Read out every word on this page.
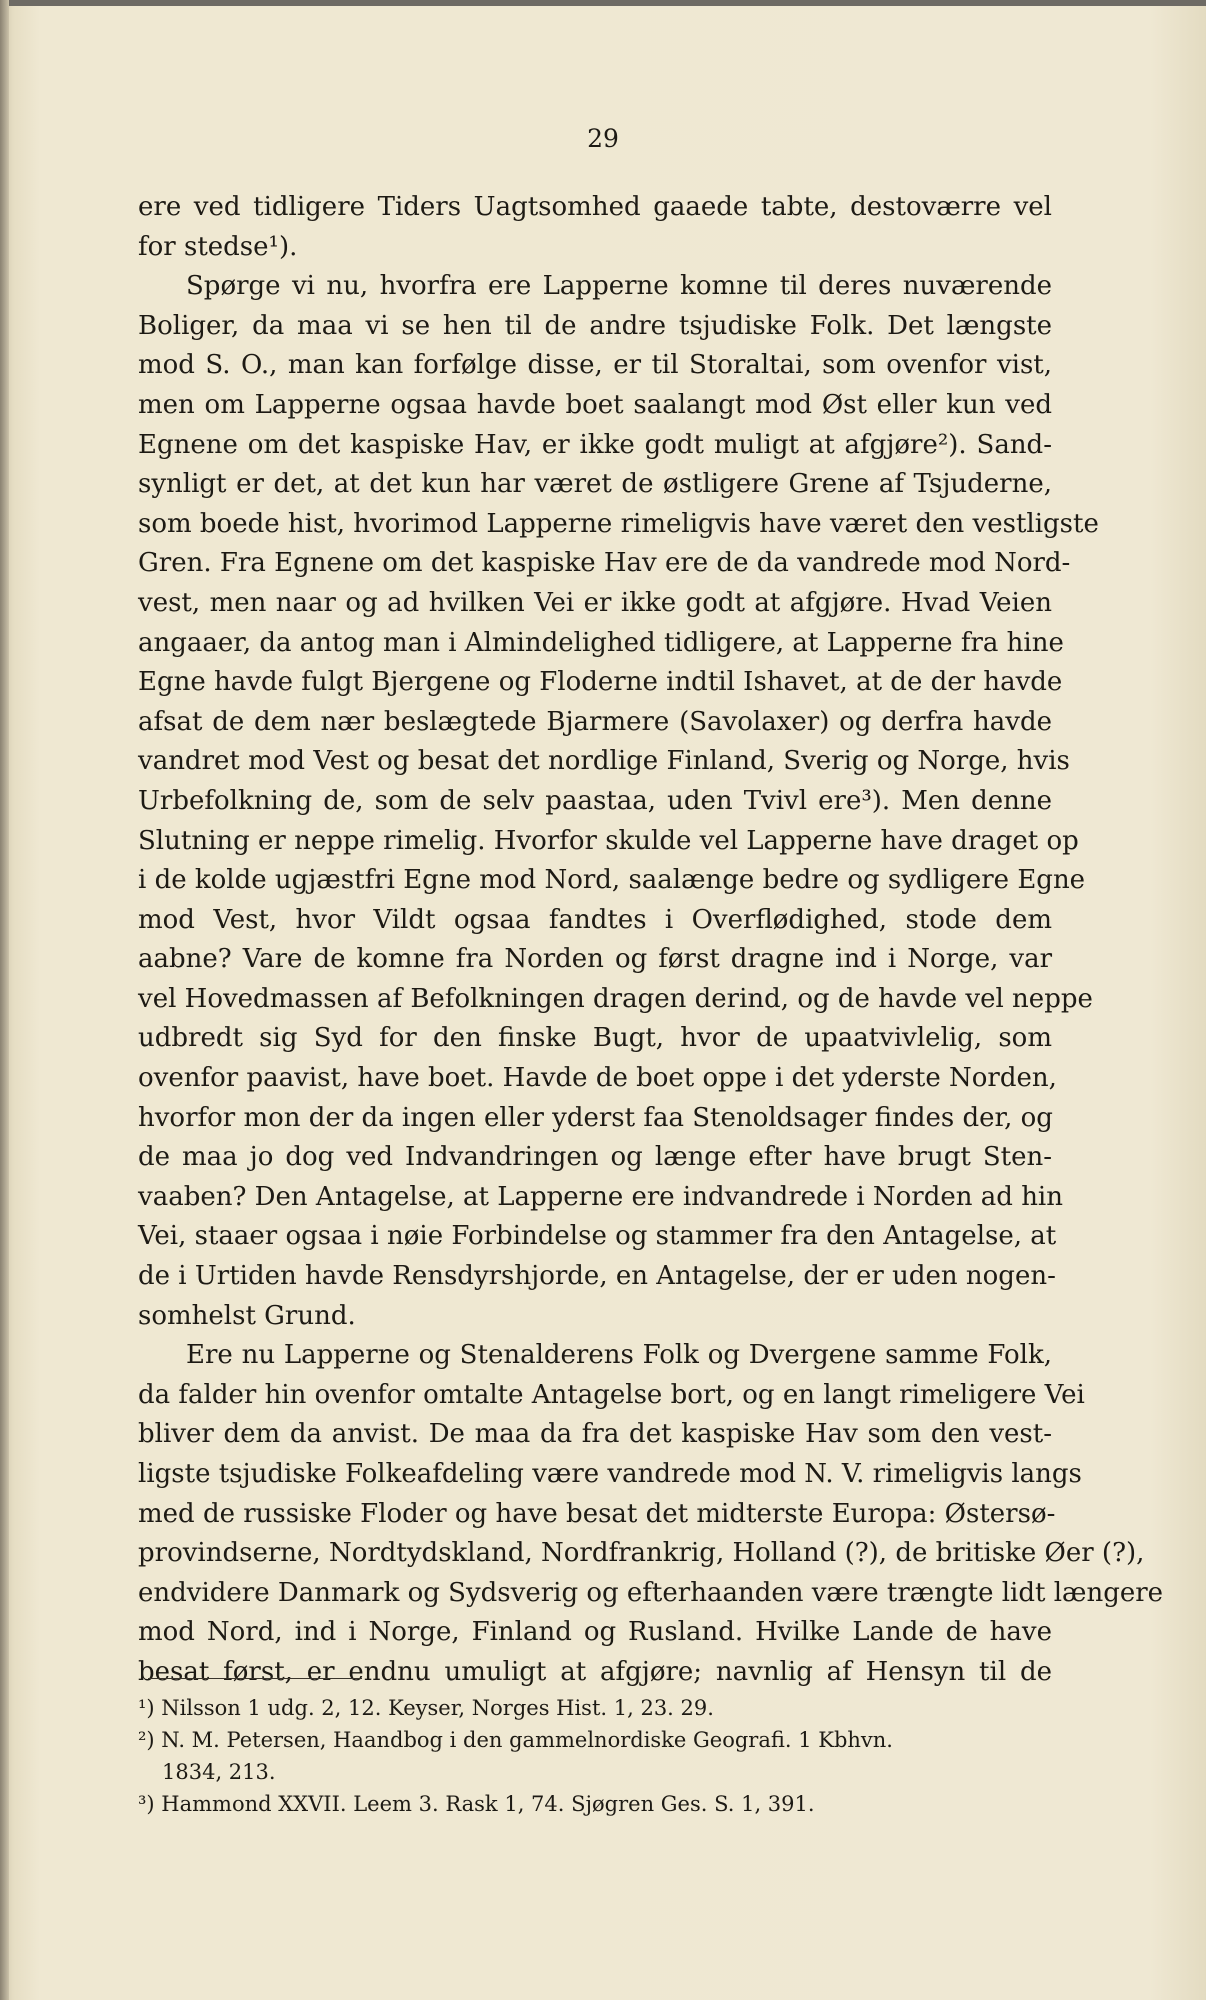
29
ere ved tidligere Tiders Uagtsomhed gaaede tabte, destoværre vel
for stedse¹).
Spørge vi nu, hvorfra ere Lapperne komne til deres nuværende
Boliger, da maa vi se hen til de andre tsjudiske Folk. Det længste
mod S. O., man kan forfølge disse, er til Storaltai, som ovenfor vist,
men om Lapperne ogsaa havde boet saalangt mod Øst eller kun ved
Egnene om det kaspiske Hav, er ikke godt muligt at afgjøre²). Sand-
synligt er det, at det kun har været de østligere Grene af Tsjuderne,
som boede hist, hvorimod Lapperne rimeligvis have været den vestligste
Gren. Fra Egnene om det kaspiske Hav ere de da vandrede mod Nord-
vest, men naar og ad hvilken Vei er ikke godt at afgjøre. Hvad Veien
angaaer, da antog man i Almindelighed tidligere, at Lapperne fra hine
Egne havde fulgt Bjergene og Floderne indtil Ishavet, at de der havde
afsat de dem nær beslægtede Bjarmere (Savolaxer) og derfra havde
vandret mod Vest og besat det nordlige Finland, Sverig og Norge, hvis
Urbefolkning de, som de selv paastaa, uden Tvivl ere³). Men denne
Slutning er neppe rimelig. Hvorfor skulde vel Lapperne have draget op
i de kolde ugjæstfri Egne mod Nord, saalænge bedre og sydligere Egne
mod Vest, hvor Vildt ogsaa fandtes i Overflødighed, stode dem
aabne? Vare de komne fra Norden og først dragne ind i Norge, var
vel Hovedmassen af Befolkningen dragen derind, og de havde vel neppe
udbredt sig Syd for den finske Bugt, hvor de upaatvivlelig, som
ovenfor paavist, have boet. Havde de boet oppe i det yderste Norden,
hvorfor mon der da ingen eller yderst faa Stenoldsager findes der, og
de maa jo dog ved Indvandringen og længe efter have brugt Sten-
vaaben? Den Antagelse, at Lapperne ere indvandrede i Norden ad hin
Vei, staaer ogsaa i nøie Forbindelse og stammer fra den Antagelse, at
de i Urtiden havde Rensdyrshjorde, en Antagelse, der er uden nogen-
somhelst Grund.
Ere nu Lapperne og Stenalderens Folk og Dvergene samme Folk,
da falder hin ovenfor omtalte Antagelse bort, og en langt rimeligere Vei
bliver dem da anvist. De maa da fra det kaspiske Hav som den vest-
ligste tsjudiske Folkeafdeling være vandrede mod N. V. rimeligvis langs
med de russiske Floder og have besat det midterste Europa: Østersø-
provindserne, Nordtydskland, Nordfrankrig, Holland (?), de britiske Øer (?),
endvidere Danmark og Sydsverig og efterhaanden være trængte lidt længere
mod Nord, ind i Norge, Finland og Rusland. Hvilke Lande de have
besat først, er endnu umuligt at afgjøre; navnlig af Hensyn til de
¹) Nilsson 1 udg. 2, 12. Keyser, Norges Hist. 1, 23. 29.
²) N. M. Petersen, Haandbog i den gammelnordiske Geografi. 1 Kbhvn.
1834, 213.
³) Hammond XXVII. Leem 3. Rask 1, 74. Sjøgren Ges. S. 1, 391.
